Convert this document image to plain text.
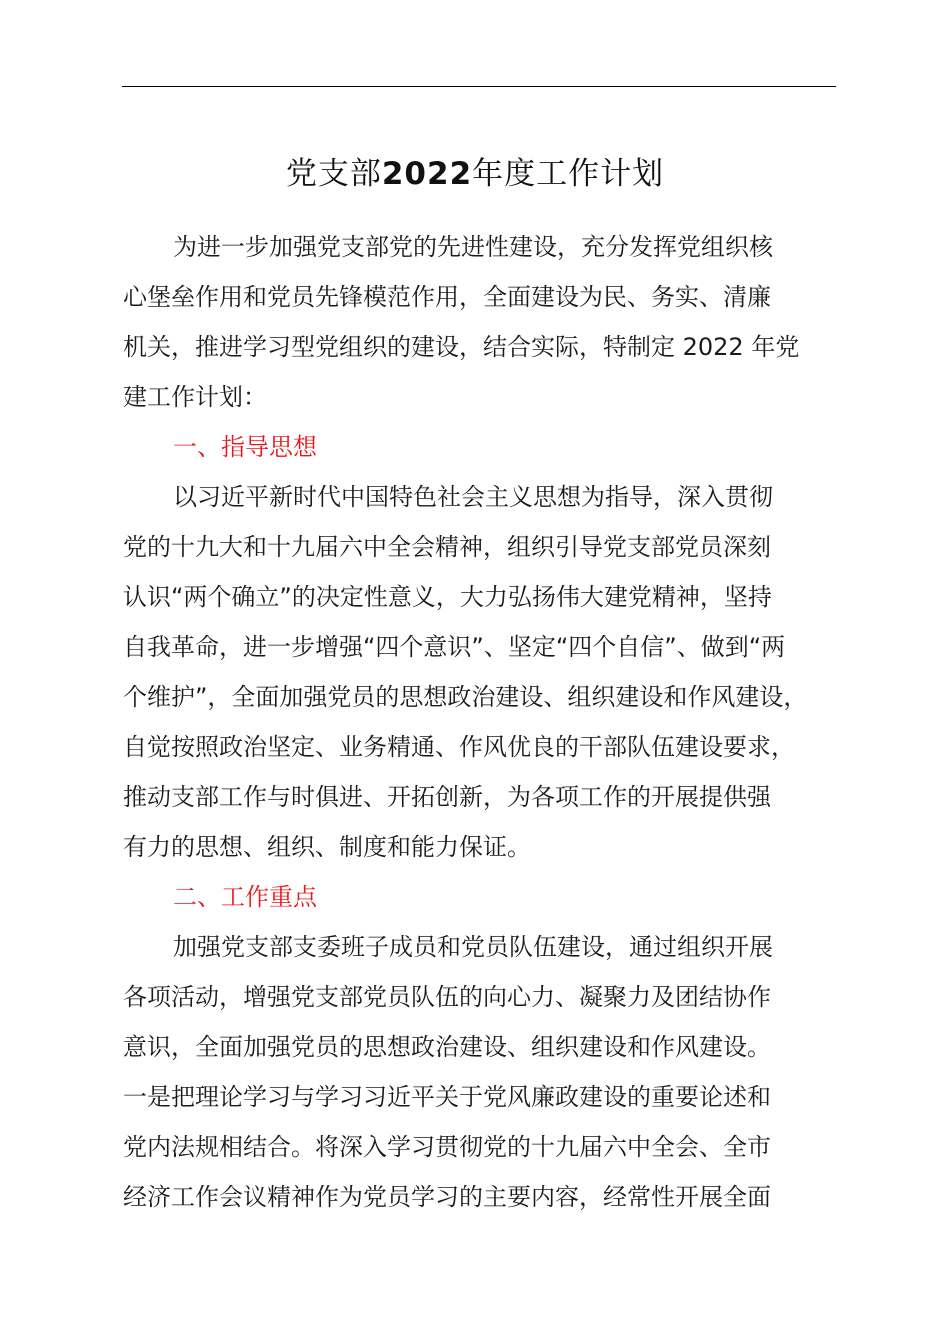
党支部2022年度工作计划
为进一步加强党支部党的先进性建设，充分发挥党组织核
心堡垒作用和党员先锋模范作用，全面建设为民、务实、清廉
机关，推进学习型党组织的建设，结合实际，特制定 2022 年党
建工作计划：
一、指导思想
以习近平新时代中国特色社会主义思想为指导，深入贯彻
党的十九大和十九届六中全会精神，组织引导党支部党员深刻
认识“两个确立”的决定性意义，大力弘扬伟大建党精神，坚持
自我革命，进一步增强“四个意识”、坚定“四个自信”、做到“两
个维护”，全面加强党员的思想政治建设、组织建设和作风建设，
自觉按照政治坚定、业务精通、作风优良的干部队伍建设要求，
推动支部工作与时俱进、开拓创新，为各项工作的开展提供强
有力的思想、组织、制度和能力保证。
二、工作重点
加强党支部支委班子成员和党员队伍建设，通过组织开展
各项活动，增强党支部党员队伍的向心力、凝聚力及团结协作
意识，全面加强党员的思想政治建设、组织建设和作风建设。
一是把理论学习与学习习近平关于党风廉政建设的重要论述和
党内法规相结合。将深入学习贯彻党的十九届六中全会、全市
经济工作会议精神作为党员学习的主要内容，经常性开展全面
